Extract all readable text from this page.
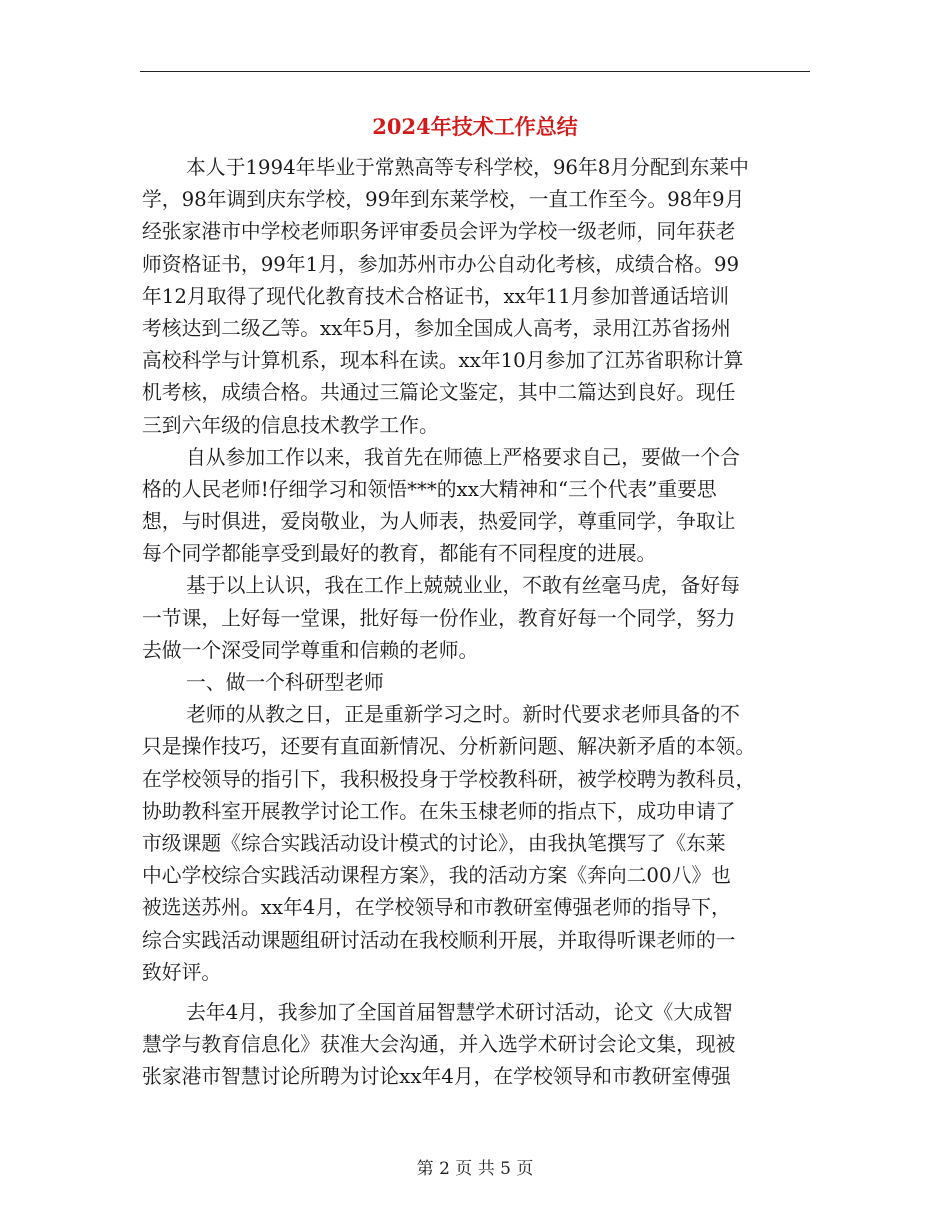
2024年技术工作总结
本人于1994年毕业于常熟高等专科学校，96年8月分配到东莱中
学，98年调到庆东学校，99年到东莱学校，一直工作至今。98年9月
经张家港市中学校老师职务评审委员会评为学校一级老师，同年获老
师资格证书，99年1月，参加苏州市办公自动化考核，成绩合格。99
年12月取得了现代化教育技术合格证书，xx年11月参加普通话培训
考核达到二级乙等。xx年5月，参加全国成人高考，录用江苏省扬州
高校科学与计算机系，现本科在读。xx年10月参加了江苏省职称计算
机考核，成绩合格。共通过三篇论文鉴定，其中二篇达到良好。现任
三到六年级的信息技术教学工作。
自从参加工作以来，我首先在师德上严格要求自己，要做一个合
格的人民老师!仔细学习和领悟***的xx大精神和“三个代表”重要思
想，与时俱进，爱岗敬业，为人师表，热爱同学，尊重同学，争取让
每个同学都能享受到最好的教育，都能有不同程度的进展。
基于以上认识，我在工作上兢兢业业，不敢有丝毫马虎，备好每
一节课，上好每一堂课，批好每一份作业，教育好每一个同学，努力
去做一个深受同学尊重和信赖的老师。
一、做一个科研型老师
老师的从教之日，正是重新学习之时。新时代要求老师具备的不
只是操作技巧，还要有直面新情况、分析新问题、解决新矛盾的本领。
在学校领导的指引下，我积极投身于学校教科研，被学校聘为教科员，
协助教科室开展教学讨论工作。在朱玉棣老师的指点下，成功申请了
市级课题《综合实践活动设计模式的讨论》，由我执笔撰写了《东莱
中心学校综合实践活动课程方案》，我的活动方案《奔向二00八》也
被选送苏州。xx年4月，在学校领导和市教研室傅强老师的指导下，
综合实践活动课题组研讨活动在我校顺利开展，并取得听课老师的一
致好评。
去年4月，我参加了全国首届智慧学术研讨活动，论文《大成智
慧学与教育信息化》获准大会沟通，并入选学术研讨会论文集，现被
张家港市智慧讨论所聘为讨论xx年4月，在学校领导和市教研室傅强
第 2 页 共 5 页
